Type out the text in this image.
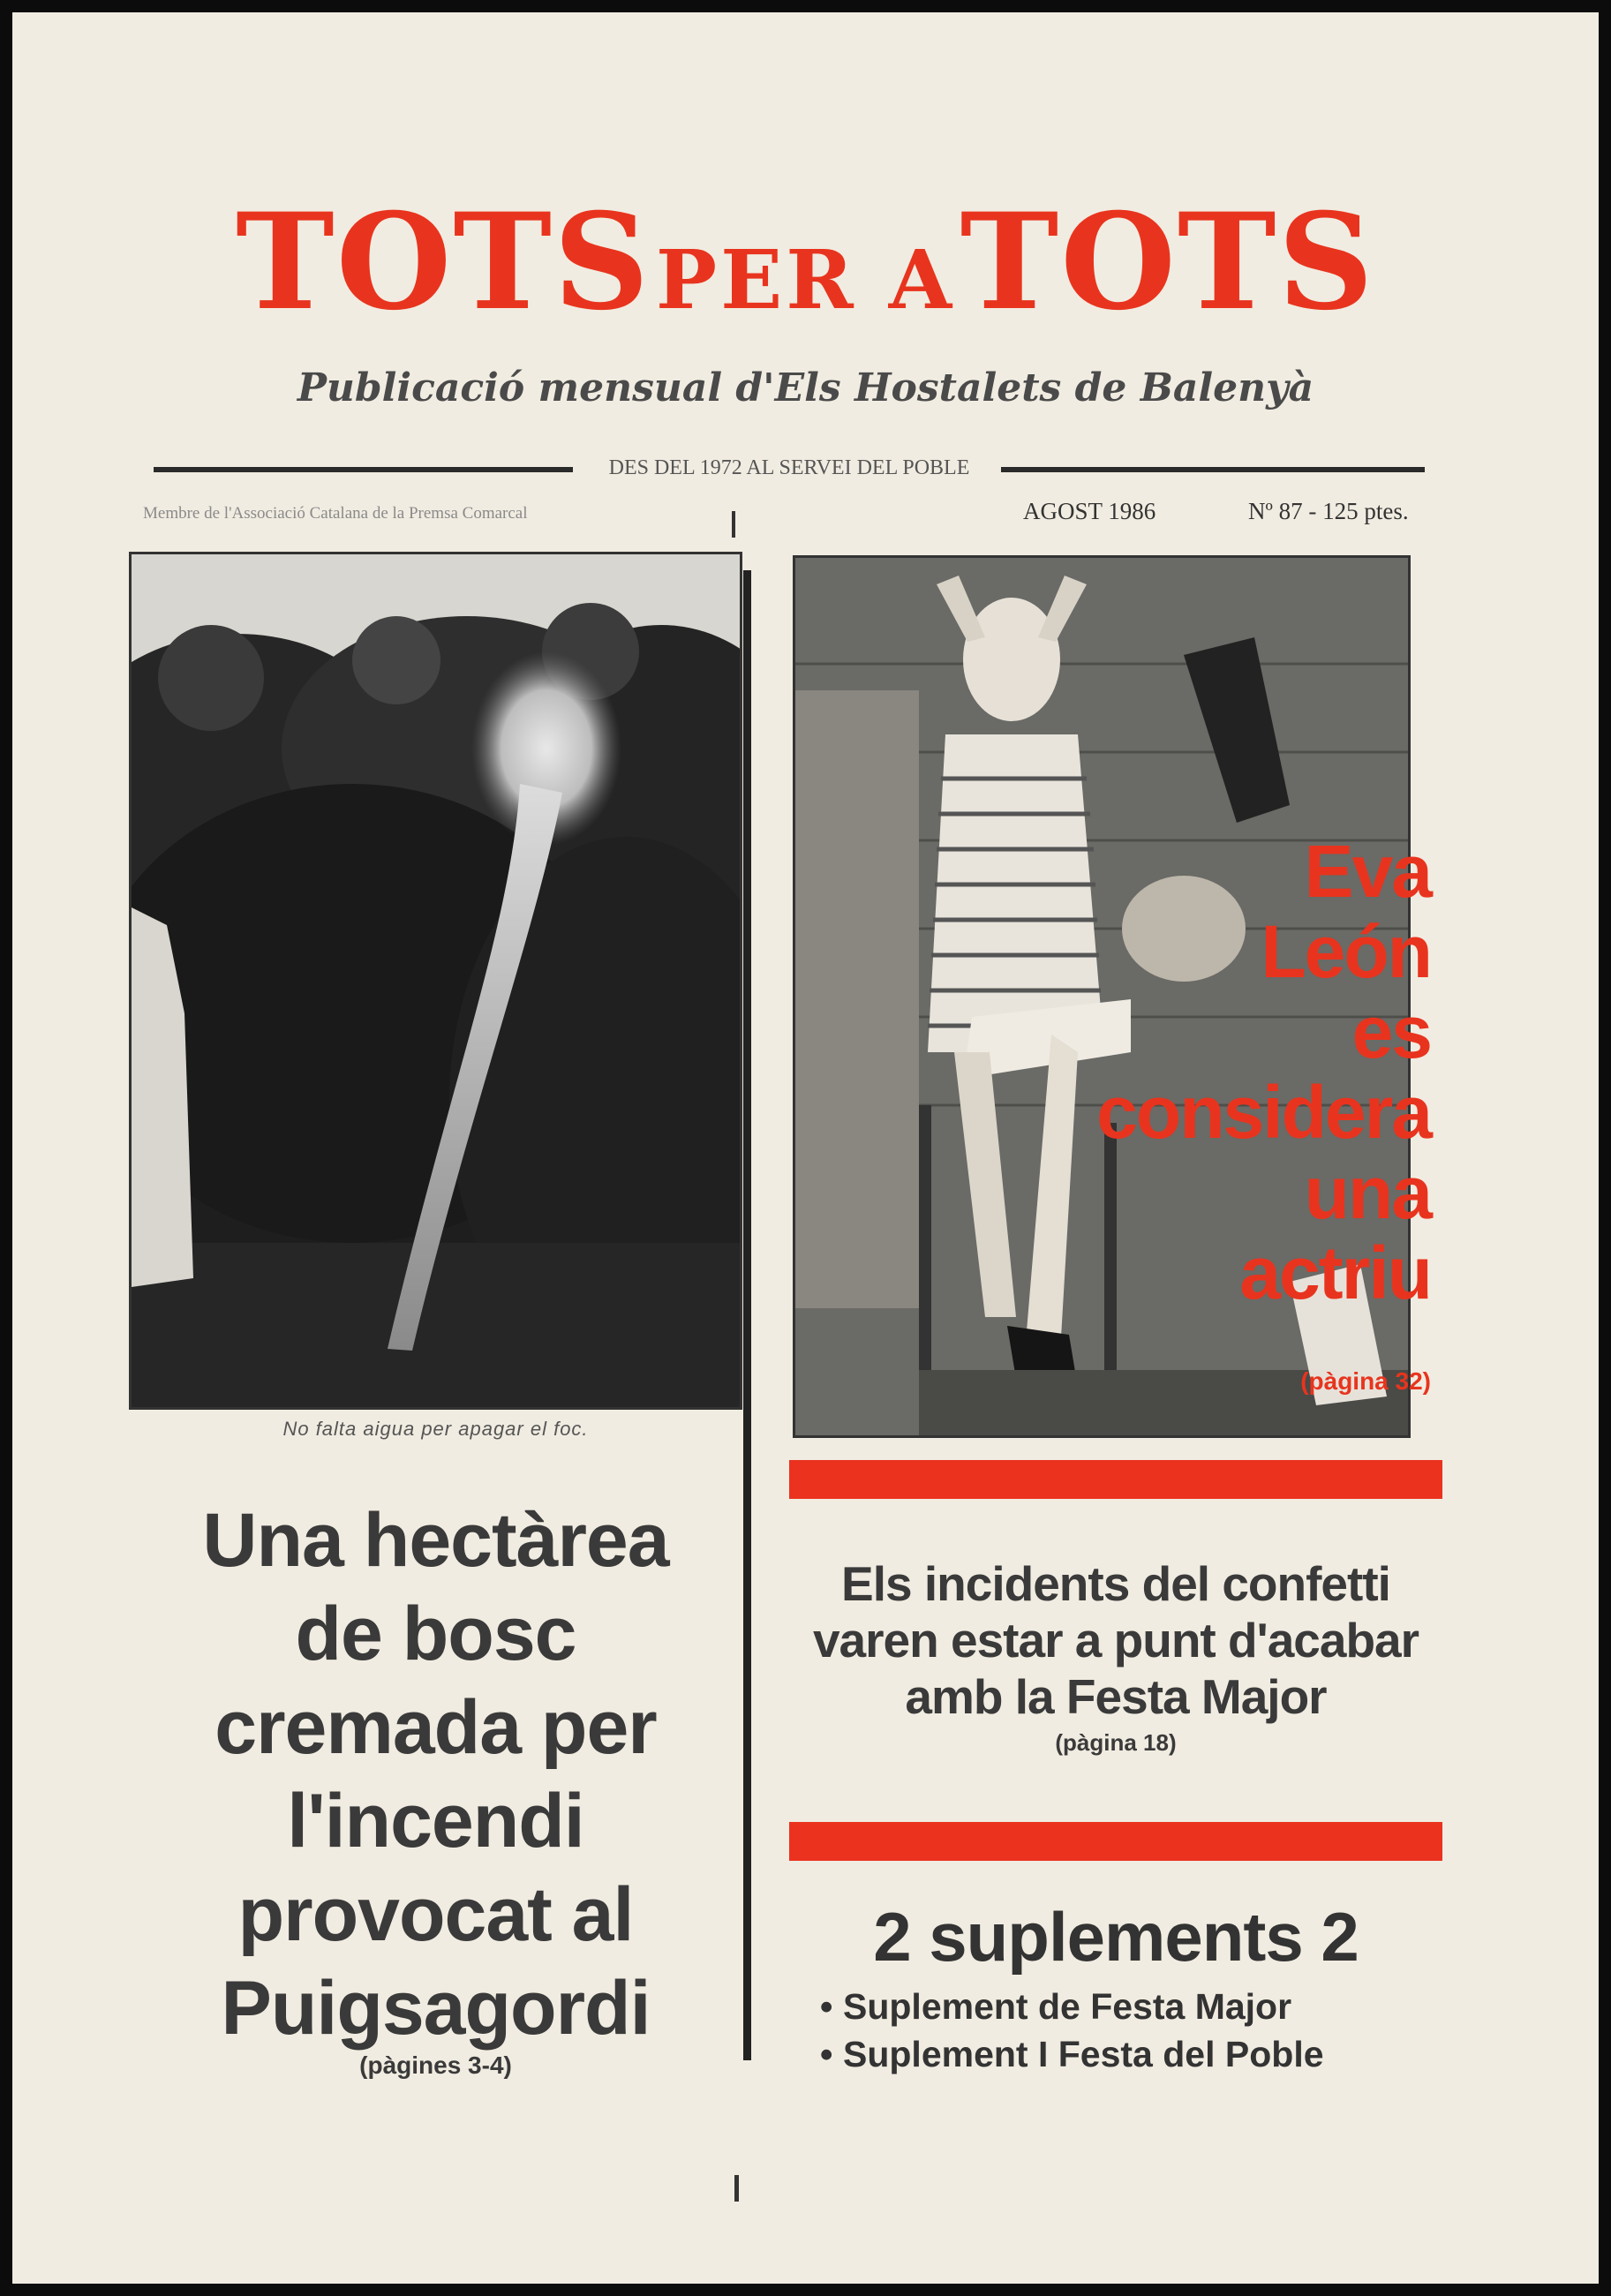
TOTS PER A TOTS
Publicació mensual d'Els Hostalets de Balenyà
DES DEL 1972 AL SERVEI DEL POBLE
Membre de l'Associació Catalana de la Premsa Comarcal	AGOST 1986	Nº 87 - 125 ptes.
No falta aigua per apagar el foc.
Eva
León
es
considera
una
actriu
(pàgina 32)
Una hectàrea
de bosc
cremada per
l'incendi
provocat al
Puigsagordi
(pàgines 3-4)
Els incidents del confetti
varen estar a punt d'acabar
amb la Festa Major
(pàgina 18)
2 suplements 2
• Suplement de Festa Major
• Suplement I Festa del Poble
